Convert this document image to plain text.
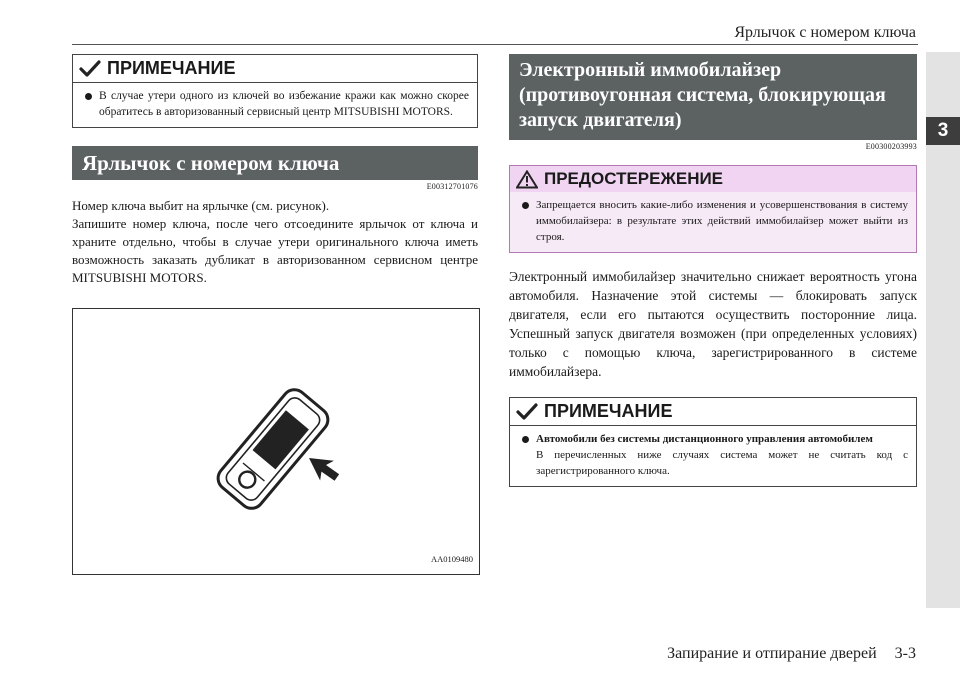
Ярлычок с номером ключа
3
ПРИМЕЧАНИЕ
В случае утери одного из ключей во избежание кражи как можно скорее обратитесь в авторизованный сервисный центр MITSUBISHI MOTORS.
Ярлычок с номером ключа
E00312701076
Номер ключа выбит на ярлычке (см. рисунок).
Запишите номер ключа, после чего отсоедините ярлычок от ключа и храните отдельно, чтобы в случае утери оригинального ключа иметь возможность заказать дубликат в авторизованном сервисном центре MITSUBISHI MOTORS.
AA0109480
Электронный иммобилайзер
(противоугонная система, блокирующая
запуск двигателя)
E00300203993
ПРЕДОСТЕРЕЖЕНИЕ
Запрещается вносить какие-либо изменения и усовершенствования в систему иммобилайзера: в результате этих действий иммобилайзер может выйти из строя.
Электронный иммобилайзер значительно снижает вероятность угона автомобиля. Назначение этой системы — блокировать запуск двигателя, если его пытаются осуществить посторонние лица. Успешный запуск двигателя возможен (при определенных условиях) только с помощью ключа, зарегистрированного в системе иммобилайзера.
ПРИМЕЧАНИЕ
Автомобили без системы дистанционного управления автомобилем
В перечисленных ниже случаях система может не считать код с зарегистрированного ключа.
Запирание и отпирание дверей 3-3
